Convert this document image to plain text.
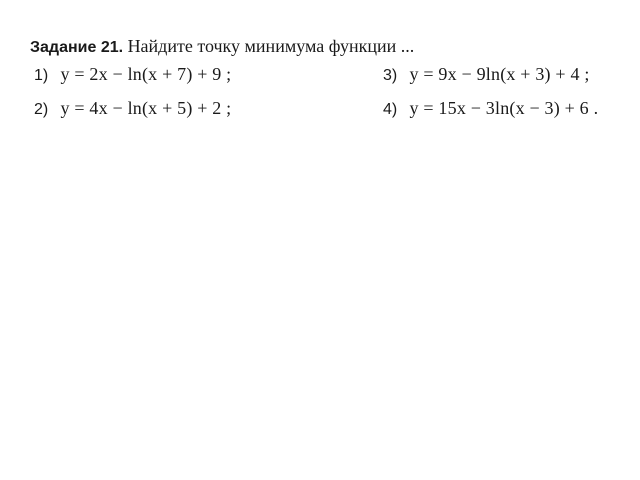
Задание 21. Найдите точку минимума функции ...
1) y = 2x − ln(x + 7) + 9 ;	3) y = 9x − 9ln(x + 3) + 4 ;
2) y = 4x − ln(x + 5) + 2 ;	4) y = 15x − 3ln(x − 3) + 6 .
